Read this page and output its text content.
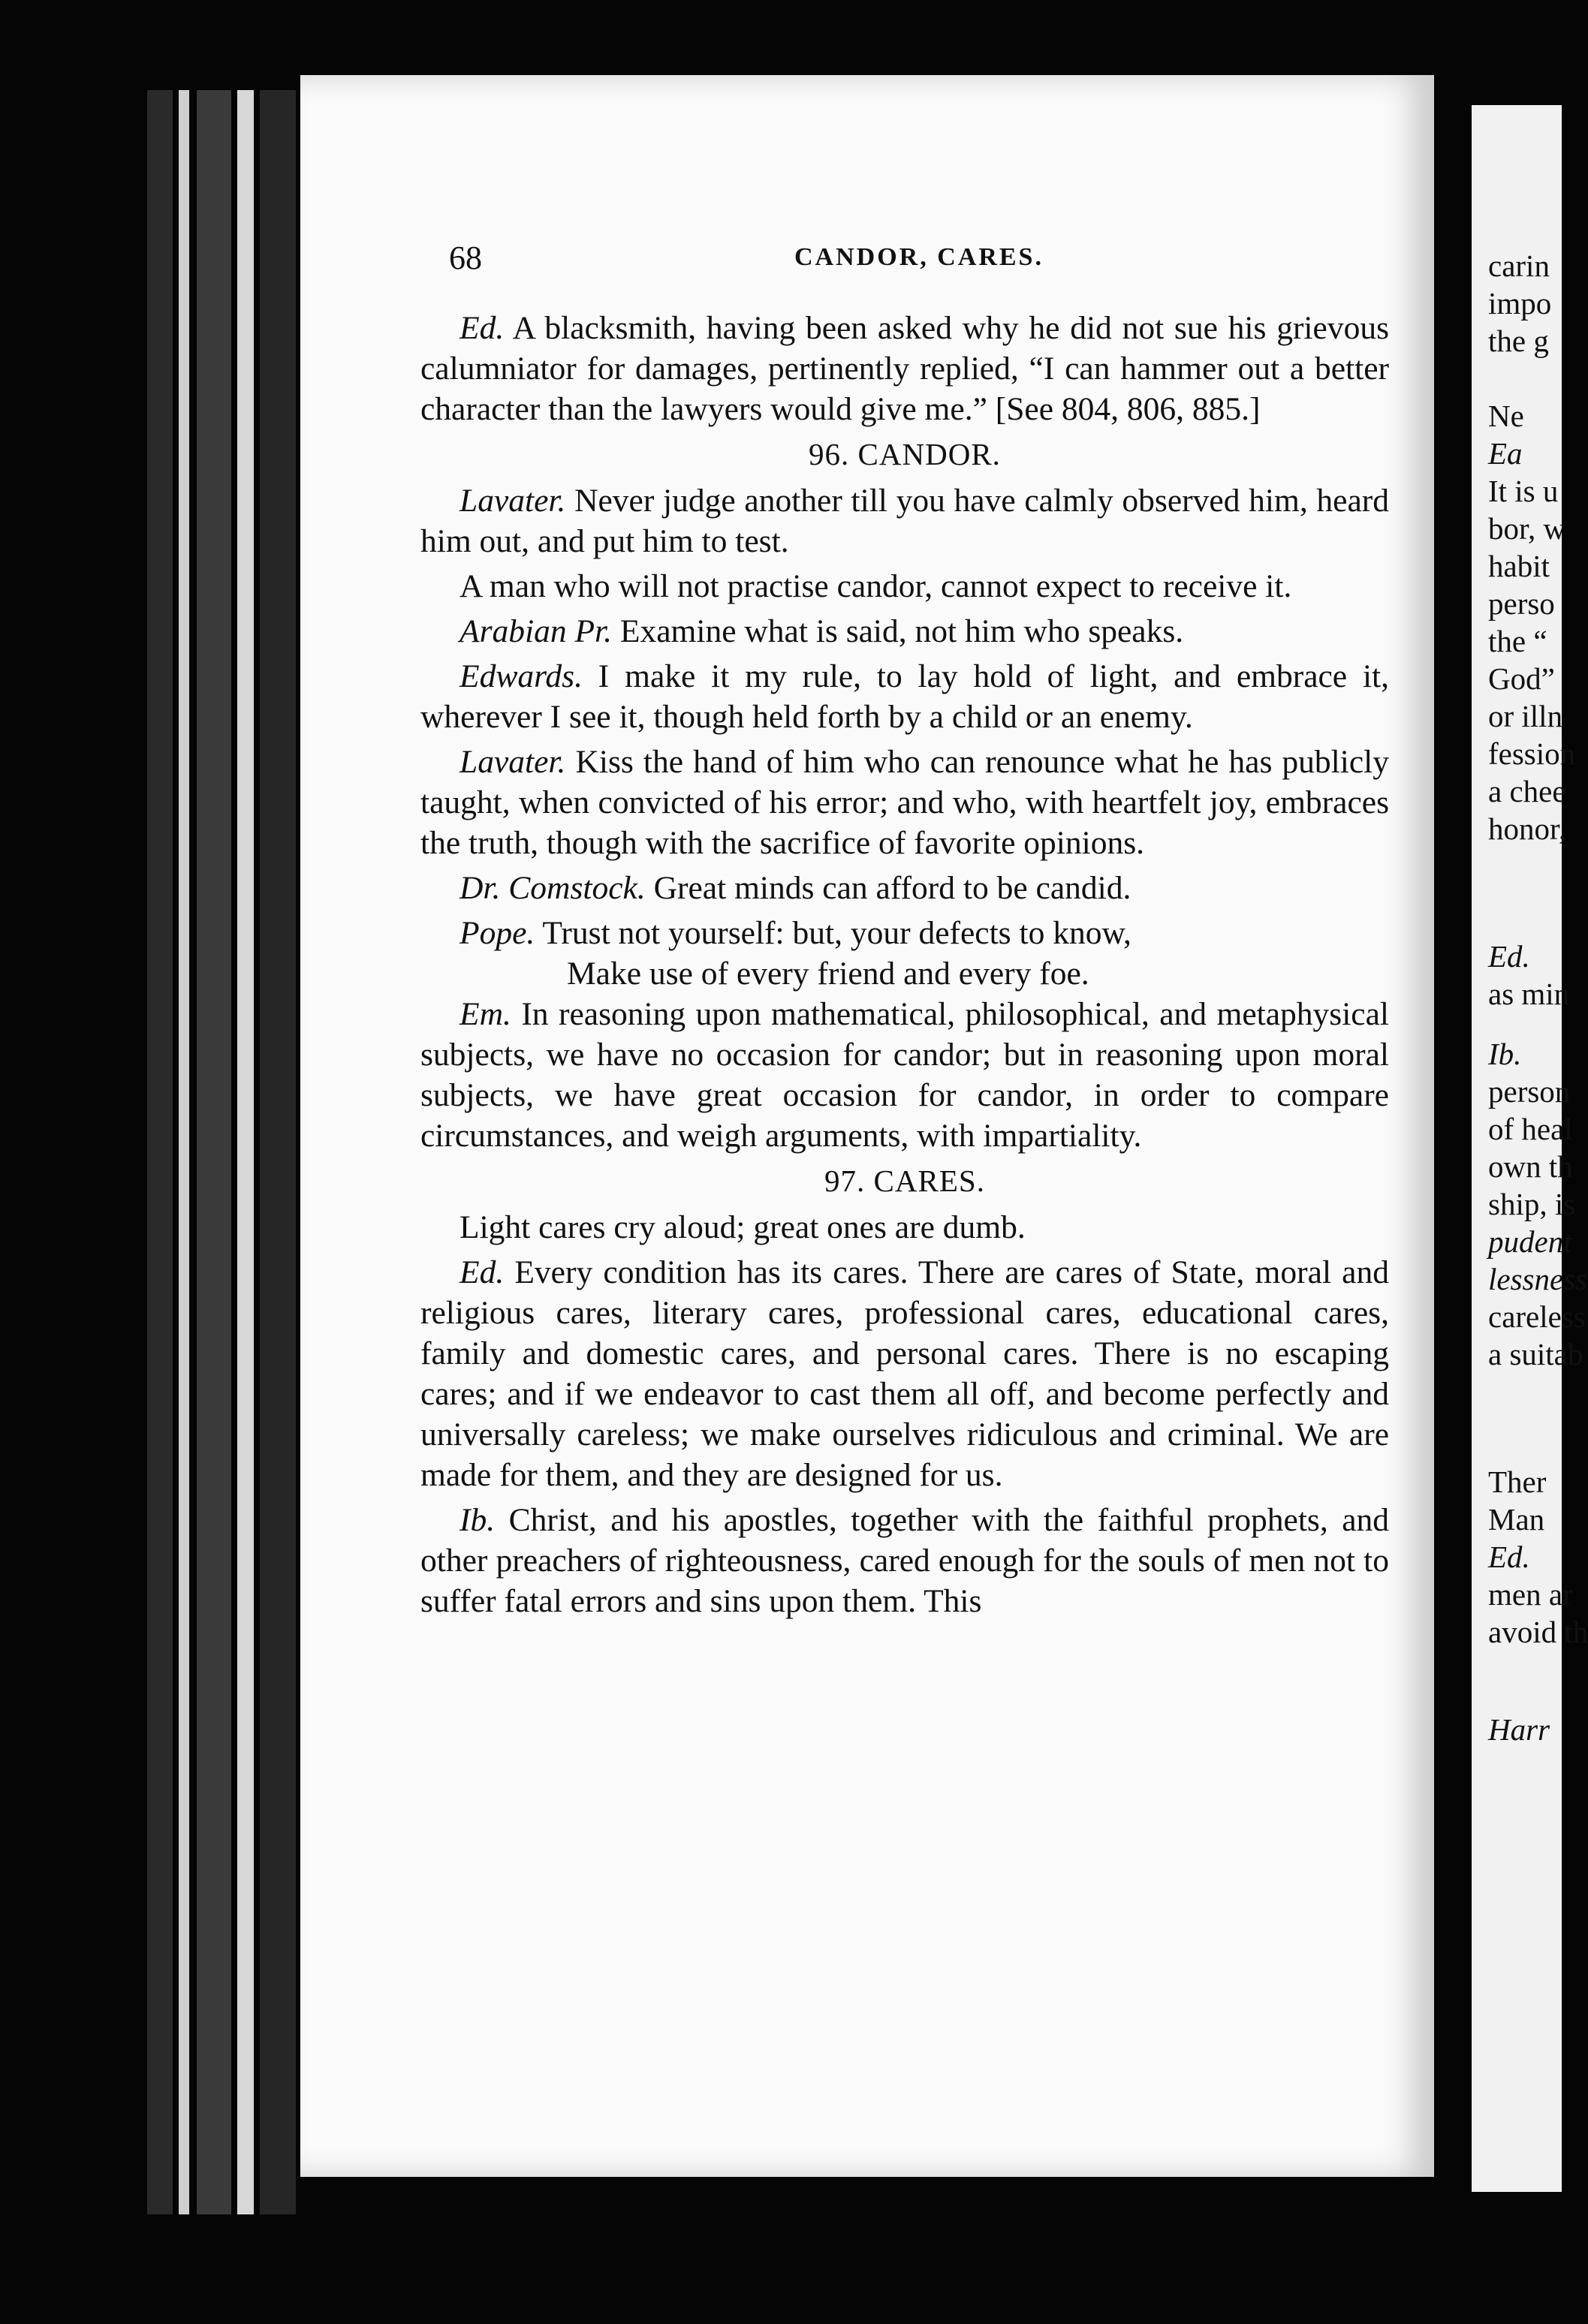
carin
impo
the g
Ne
Ea
It is u
bor, w
habit
perso
the “
God”
or illn
fession
a chee
honor,
Ed.
as min
Ib.
person
of heal
own th
ship, is
pudent
lessness
careless
a suitab
Ther
Man
Ed.
men ar
avoid th
Harr
68	CANDOR, CARES.

Ed. A blacksmith, having been asked why he did not sue his grievous calumniator for damages, pertinently replied, “I can hammer out a better character than the lawyers would give me.” [See 804, 806, 885.]

96. CANDOR.

Lavater. Never judge another till you have calmly observed him, heard him out, and put him to test.

A man who will not practise candor, cannot expect to receive it.

Arabian Pr. Examine what is said, not him who speaks.

Edwards. I make it my rule, to lay hold of light, and embrace it, wherever I see it, though held forth by a child or an enemy.

Lavater. Kiss the hand of him who can renounce what he has publicly taught, when convicted of his error; and who, with heartfelt joy, embraces the truth, though with the sacrifice of favorite opinions.

Dr. Comstock. Great minds can afford to be candid.

Pope. Trust not yourself: but, your defects to know,
Make use of every friend and every foe.

Em. In reasoning upon mathematical, philosophical, and metaphysical subjects, we have no occasion for candor; but in reasoning upon moral subjects, we have great occasion for candor, in order to compare circumstances, and weigh arguments, with impartiality.

97. CARES.

Light cares cry aloud; great ones are dumb.

Ed. Every condition has its cares. There are cares of State, moral and religious cares, literary cares, professional cares, educational cares, family and domestic cares, and personal cares. There is no escaping cares; and if we endeavor to cast them all off, and become perfectly and universally careless; we make ourselves ridiculous and criminal. We are made for them, and they are designed for us.

Ib. Christ, and his apostles, together with the faithful prophets, and other preachers of righteousness, cared enough for the souls of men not to suffer fatal errors and sins upon them. This
